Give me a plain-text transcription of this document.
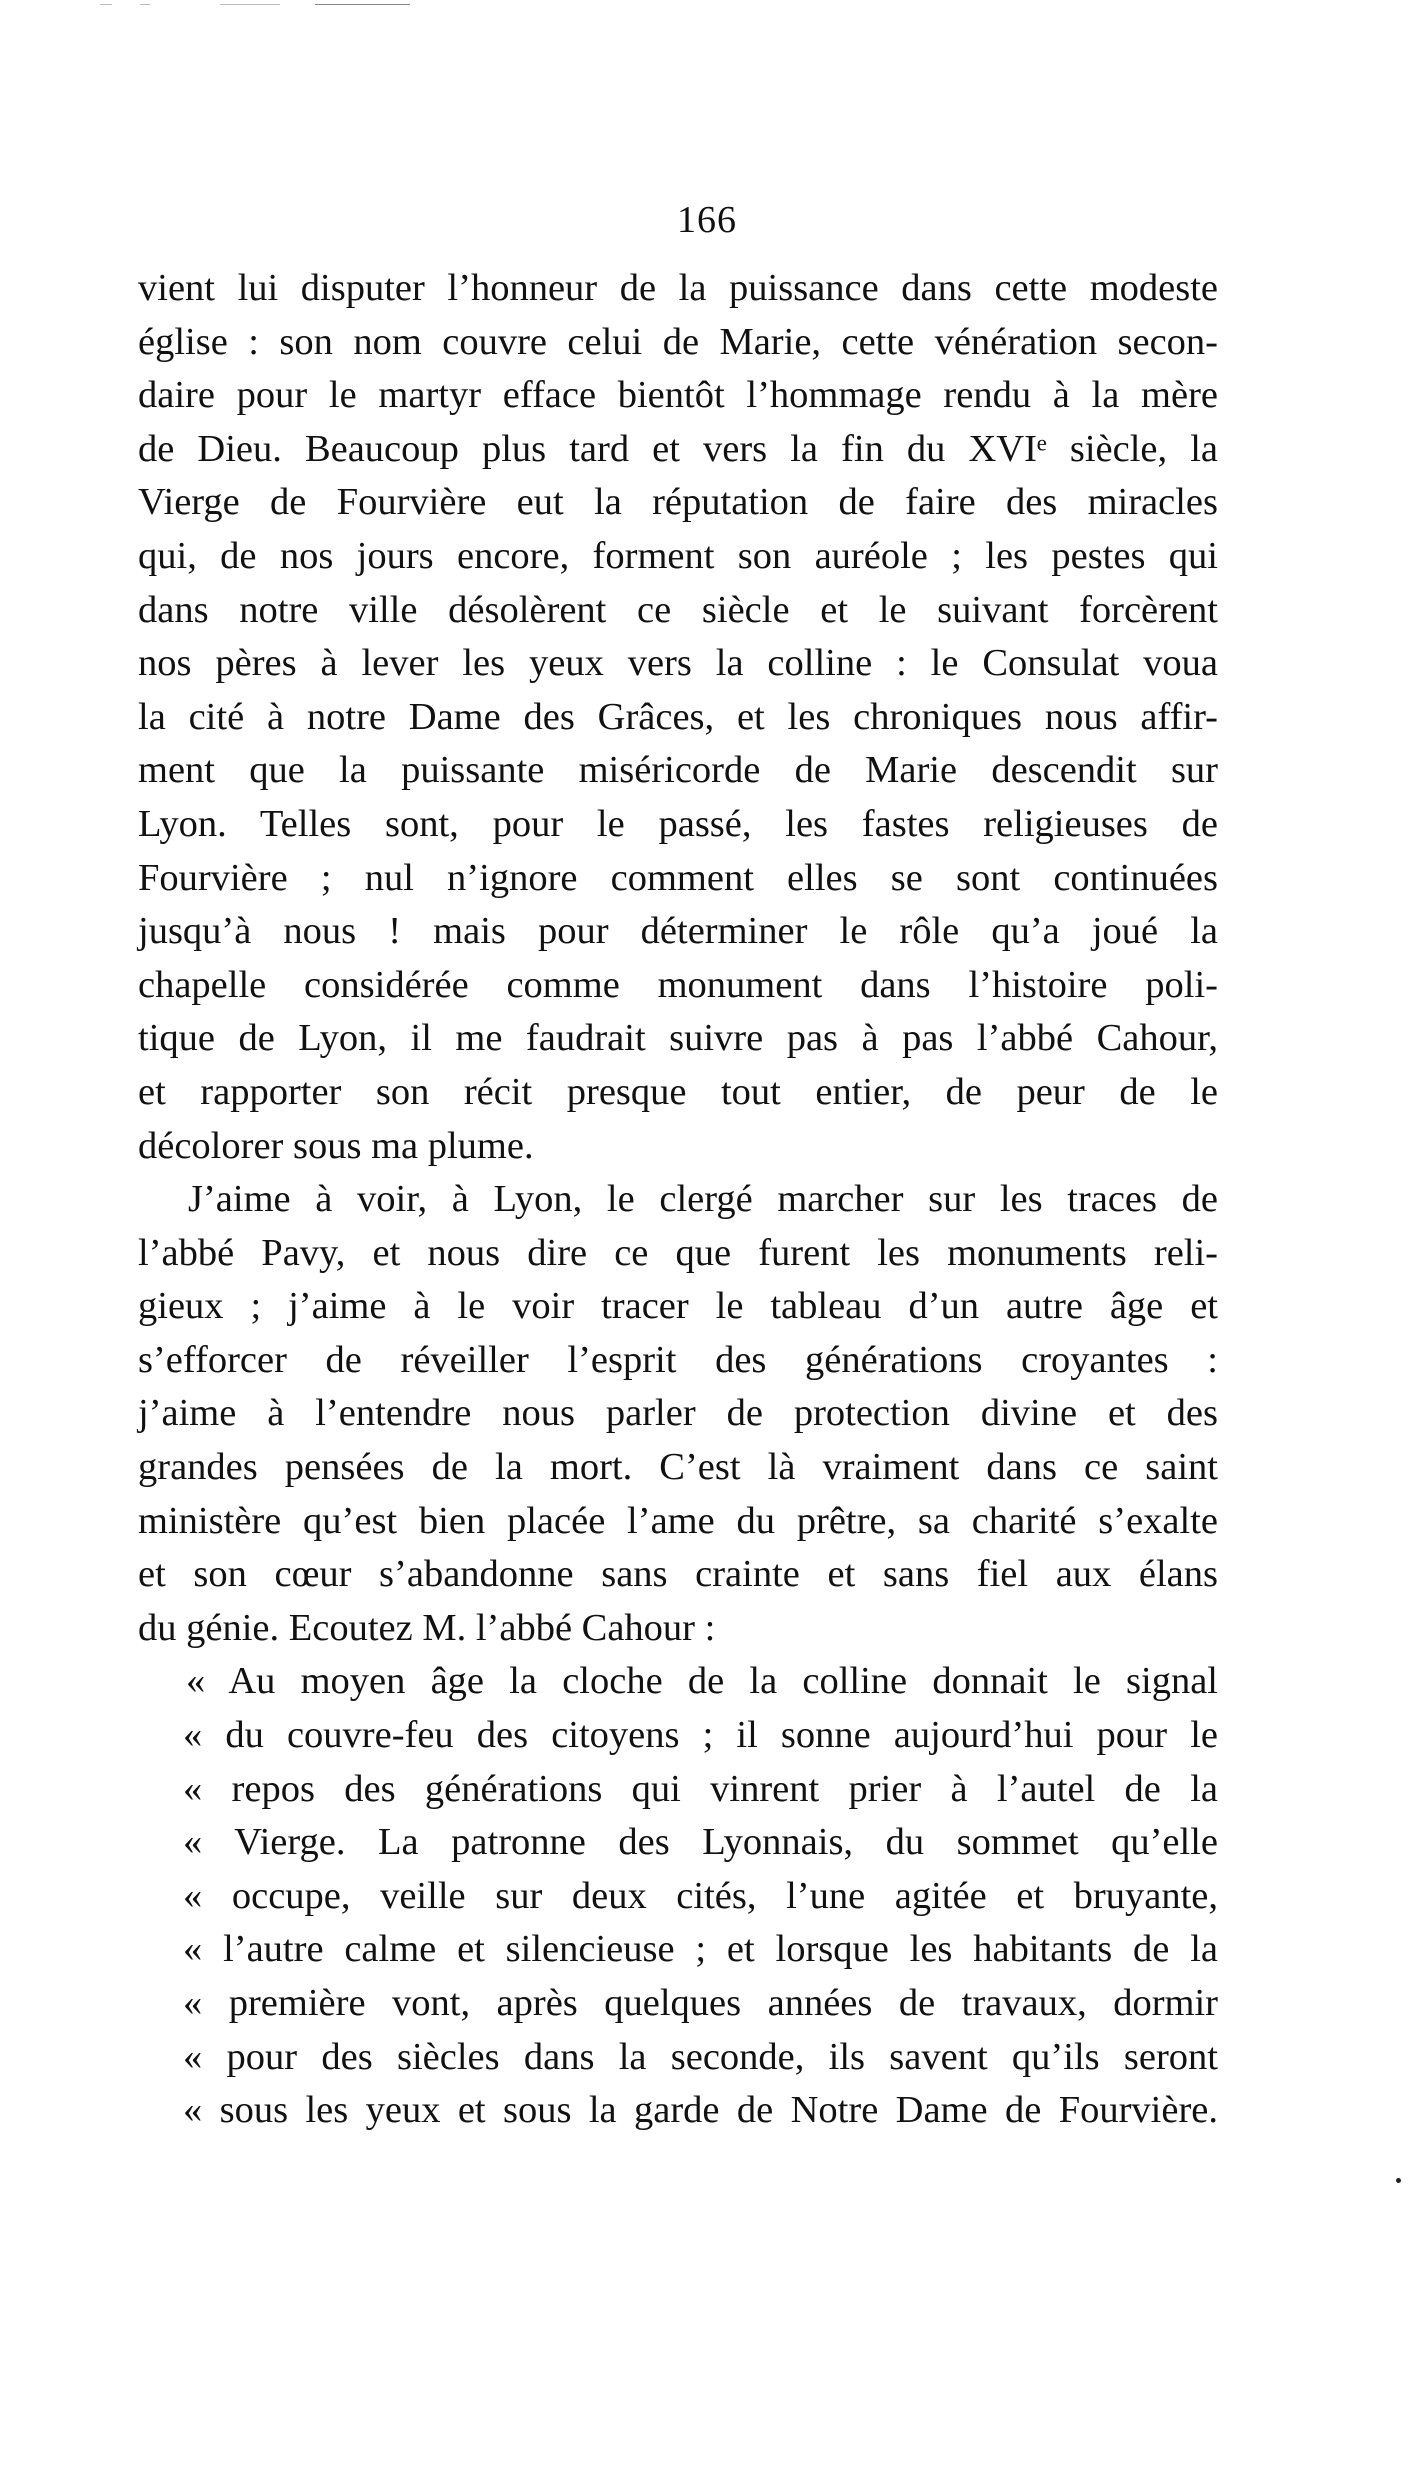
166
vient lui disputer l’honneur de la puissance dans cette modeste
église : son nom couvre celui de Marie, cette vénération secon-
daire pour le martyr efface bientôt l’hommage rendu à la mère
de Dieu. Beaucoup plus tard et vers la fin du XVIᵉ siècle, la
Vierge de Fourvière eut la réputation de faire des miracles
qui, de nos jours encore, forment son auréole ; les pestes qui
dans notre ville désolèrent ce siècle et le suivant forcèrent
nos pères à lever les yeux vers la colline : le Consulat voua
la cité à notre Dame des Grâces, et les chroniques nous affir-
ment que la puissante miséricorde de Marie descendit sur
Lyon. Telles sont, pour le passé, les fastes religieuses de
Fourvière ; nul n’ignore comment elles se sont continuées
jusqu’à nous ! mais pour déterminer le rôle qu’a joué la
chapelle considérée comme monument dans l’histoire poli-
tique de Lyon, il me faudrait suivre pas à pas l’abbé Cahour,
et rapporter son récit presque tout entier, de peur de le
décolorer sous ma plume.
J’aime à voir, à Lyon, le clergé marcher sur les traces de
l’abbé Pavy, et nous dire ce que furent les monuments reli-
gieux ; j’aime à le voir tracer le tableau d’un autre âge et
s’efforcer de réveiller l’esprit des générations croyantes :
j’aime à l’entendre nous parler de protection divine et des
grandes pensées de la mort. C’est là vraiment dans ce saint
ministère qu’est bien placée l’ame du prêtre, sa charité s’exalte
et son cœur s’abandonne sans crainte et sans fiel aux élans
du génie. Ecoutez M. l’abbé Cahour :
« Au moyen âge la cloche de la colline donnait le signal
« du couvre-feu des citoyens ; il sonne aujourd’hui pour le
« repos des générations qui vinrent prier à l’autel de la
« Vierge. La patronne des Lyonnais, du sommet qu’elle
« occupe, veille sur deux cités, l’une agitée et bruyante,
« l’autre calme et silencieuse ; et lorsque les habitants de la
« première vont, après quelques années de travaux, dormir
« pour des siècles dans la seconde, ils savent qu’ils seront
« sous les yeux et sous la garde de Notre Dame de Fourvière.
